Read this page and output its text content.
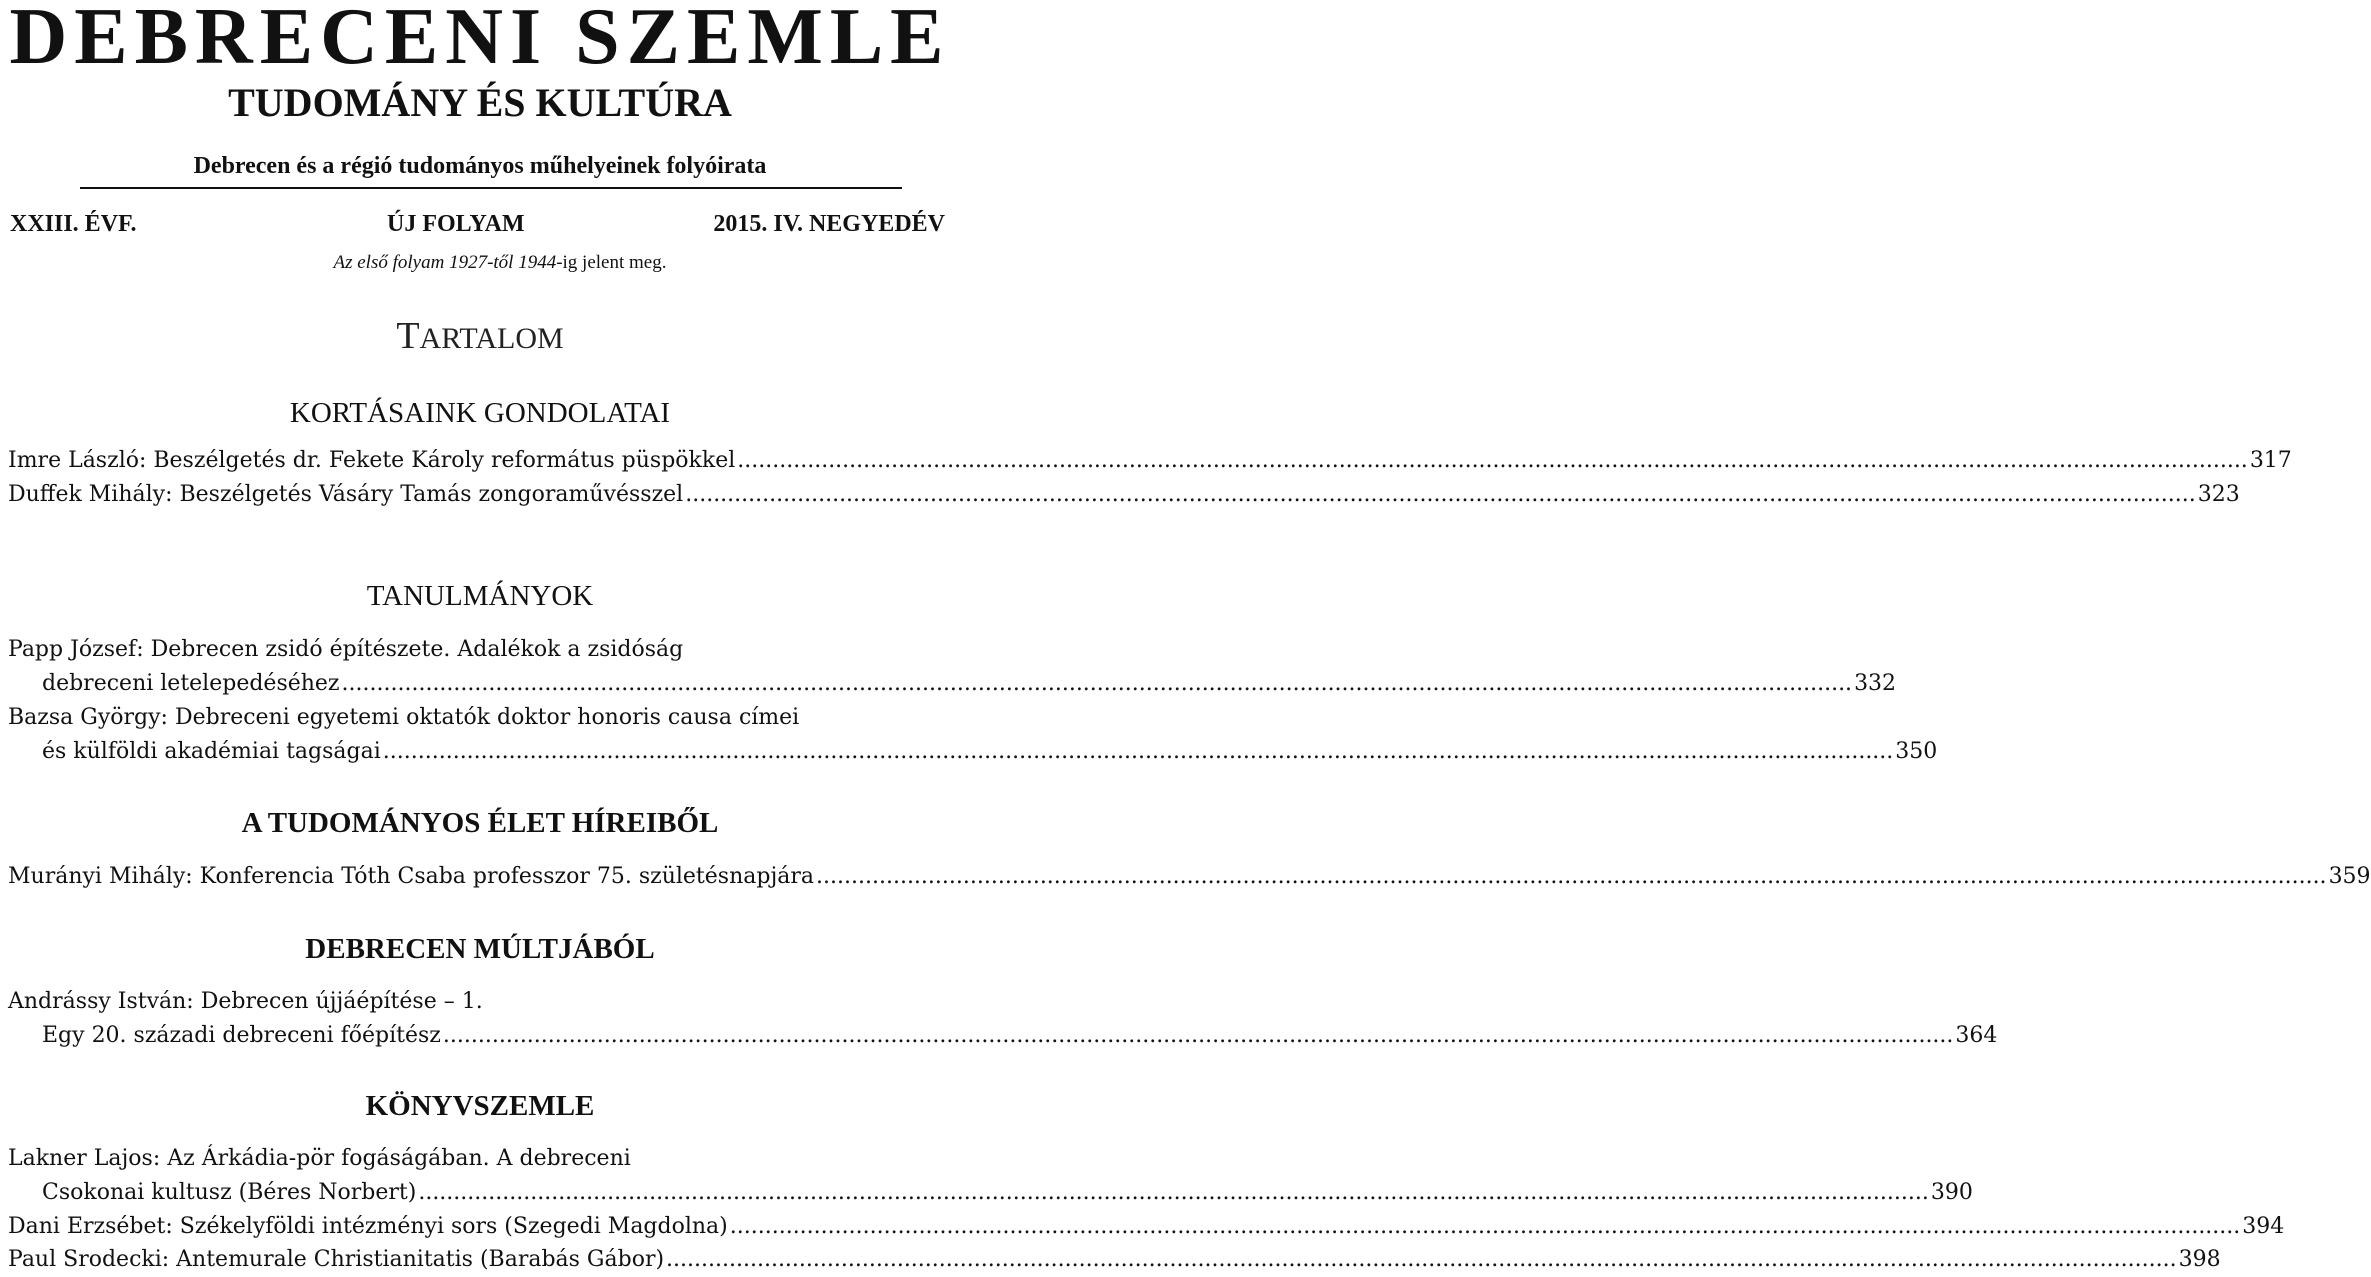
DEBRECENI SZEMLE
TUDOMÁNY ÉS KULTÚRA
Debrecen és a régió tudományos műhelyeinek folyóirata
XXIII. ÉVF.	ÚJ FOLYAM	2015. IV. NEGYEDÉV
Az első folyam 1927-től 1944-ig jelent meg.
TARTALOM
KORTÁSAINK GONDOLATAI
Imre László: Beszélgetés dr. Fekete Károly református püspökkel .....	317
Duffek Mihály: Beszélgetés Vásáry Tamás zongoraművésszel .....	323
TANULMÁNYOK
Papp József: Debrecen zsidó építészete. Adalékok a zsidóság
debreceni letelepedéséhez .....	332
Bazsa György: Debreceni egyetemi oktatók doktor honoris causa címei
és külföldi akadémiai tagságai .....	350
A TUDOMÁNYOS ÉLET HÍREIBŐL
Murányi Mihály: Konferencia Tóth Csaba professzor 75. születésnapjára .....	359
DEBRECEN MÚLTJÁBÓL
Andrássy István: Debrecen újjáépítése – 1.
Egy 20. századi debreceni főépítész .....	364
KÖNYVSZEMLE
Lakner Lajos: Az Árkádia-pör fogáságában. A debreceni
Csokonai kultusz (Béres Norbert) .....	390
Dani Erzsébet: Székelyföldi intézményi sors (Szegedi Magdolna) .....	394
Paul Srodecki: Antemurale Christianitatis (Barabás Gábor) .....	398
